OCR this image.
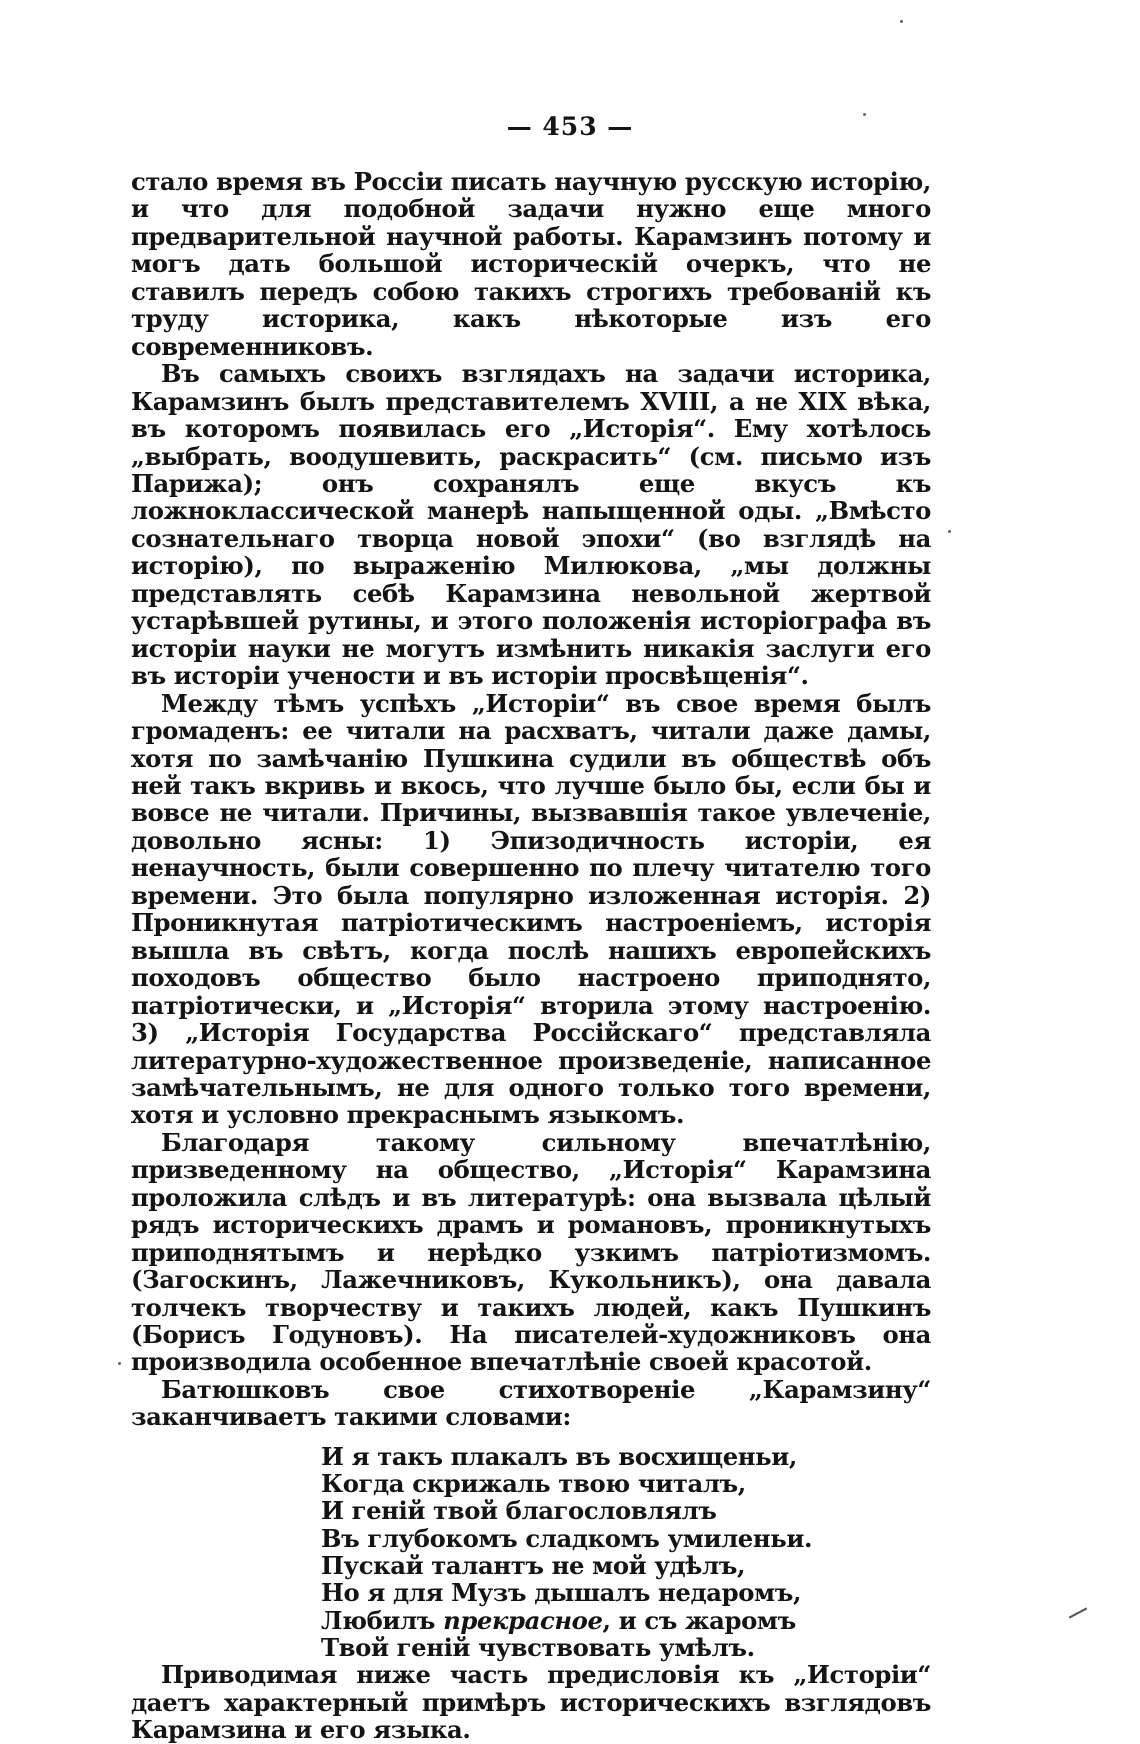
— 453 —

стало время въ Россіи писать научную русскую исторію, и что для подобной задачи нужно еще много предварительной научной работы. Карамзинъ потому и могъ дать большой историческій очеркъ, что не ставилъ передъ собою такихъ строгихъ требованій къ труду историка, какъ нѣкоторые изъ его современниковъ.

Въ самыхъ своихъ взглядахъ на задачи историка, Карамзинъ былъ представителемъ XVIII, а не XIX вѣка, въ которомъ появилась его „Исторія“. Ему хотѣлось „выбрать, воодушевить, раскрасить“ (см. письмо изъ Парижа); онъ сохранялъ еще вкусъ къ ложноклассической манерѣ напыщенной оды. „Вмѣсто сознательнаго творца новой эпохи“ (во взглядѣ на исторію), по выраженію Милюкова, „мы должны представлять себѣ Карамзина невольной жертвой устарѣвшей рутины, и этого положенія исторіографа въ исторіи науки не могутъ измѣнить никакія заслуги его въ исторіи учености и въ исторіи просвѣщенія“.

Между тѣмъ успѣхъ „Исторіи“ въ свое время былъ громаденъ: ее читали на расхватъ, читали даже дамы, хотя по замѣчанію Пушкина судили въ обществѣ объ ней такъ вкривь и вкось, что лучше было бы, если бы и вовсе не читали. Причины, вызвавшія такое увлеченіе, довольно ясны: 1) Эпизодичность исторіи, ея ненаучность, были совершенно по плечу читателю того времени. Это была популярно изложенная исторія. 2) Проникнутая патріотическимъ настроеніемъ, исторія вышла въ свѣтъ, когда послѣ нашихъ европейскихъ походовъ общество было настроено приподнято, патріотически, и „Исторія“ вторила этому настроенію. 3) „Исторія Государства Россійскаго“ представляла литературно-художественное произведеніе, написанное замѣчательнымъ, не для одного только того времени, хотя и условно прекраснымъ языкомъ.

Благодаря такому сильному впечатлѣнію, призведенному на общество, „Исторія“ Карамзина проложила слѣдъ и въ литературѣ: она вызвала цѣлый рядъ историческихъ драмъ и романовъ, проникнутыхъ приподнятымъ и нерѣдко узкимъ патріотизмомъ. (Загоскинъ, Лажечниковъ, Кукольникъ), она давала толчекъ творчеству и такихъ людей, какъ Пушкинъ (Борисъ Годуновъ). На писателей-художниковъ она производила особенное впечатлѣніе своей красотой.

Батюшковъ свое стихотвореніе „Карамзину“ заканчиваетъ такими словами:

И я такъ плакалъ въ восхищеньи,
Когда скрижаль твою читалъ,
И геній твой благословлялъ
Въ глубокомъ сладкомъ умиленьи.
Пускай талантъ не мой удѣлъ,
Но я для Музъ дышалъ недаромъ,
Любилъ прекрасное, и съ жаромъ
Твой геній чувствовать умѣлъ.

Приводимая ниже часть предисловія къ „Исторіи“ даетъ характерный примѣръ историческихъ взглядовъ Карамзина и его языка.
